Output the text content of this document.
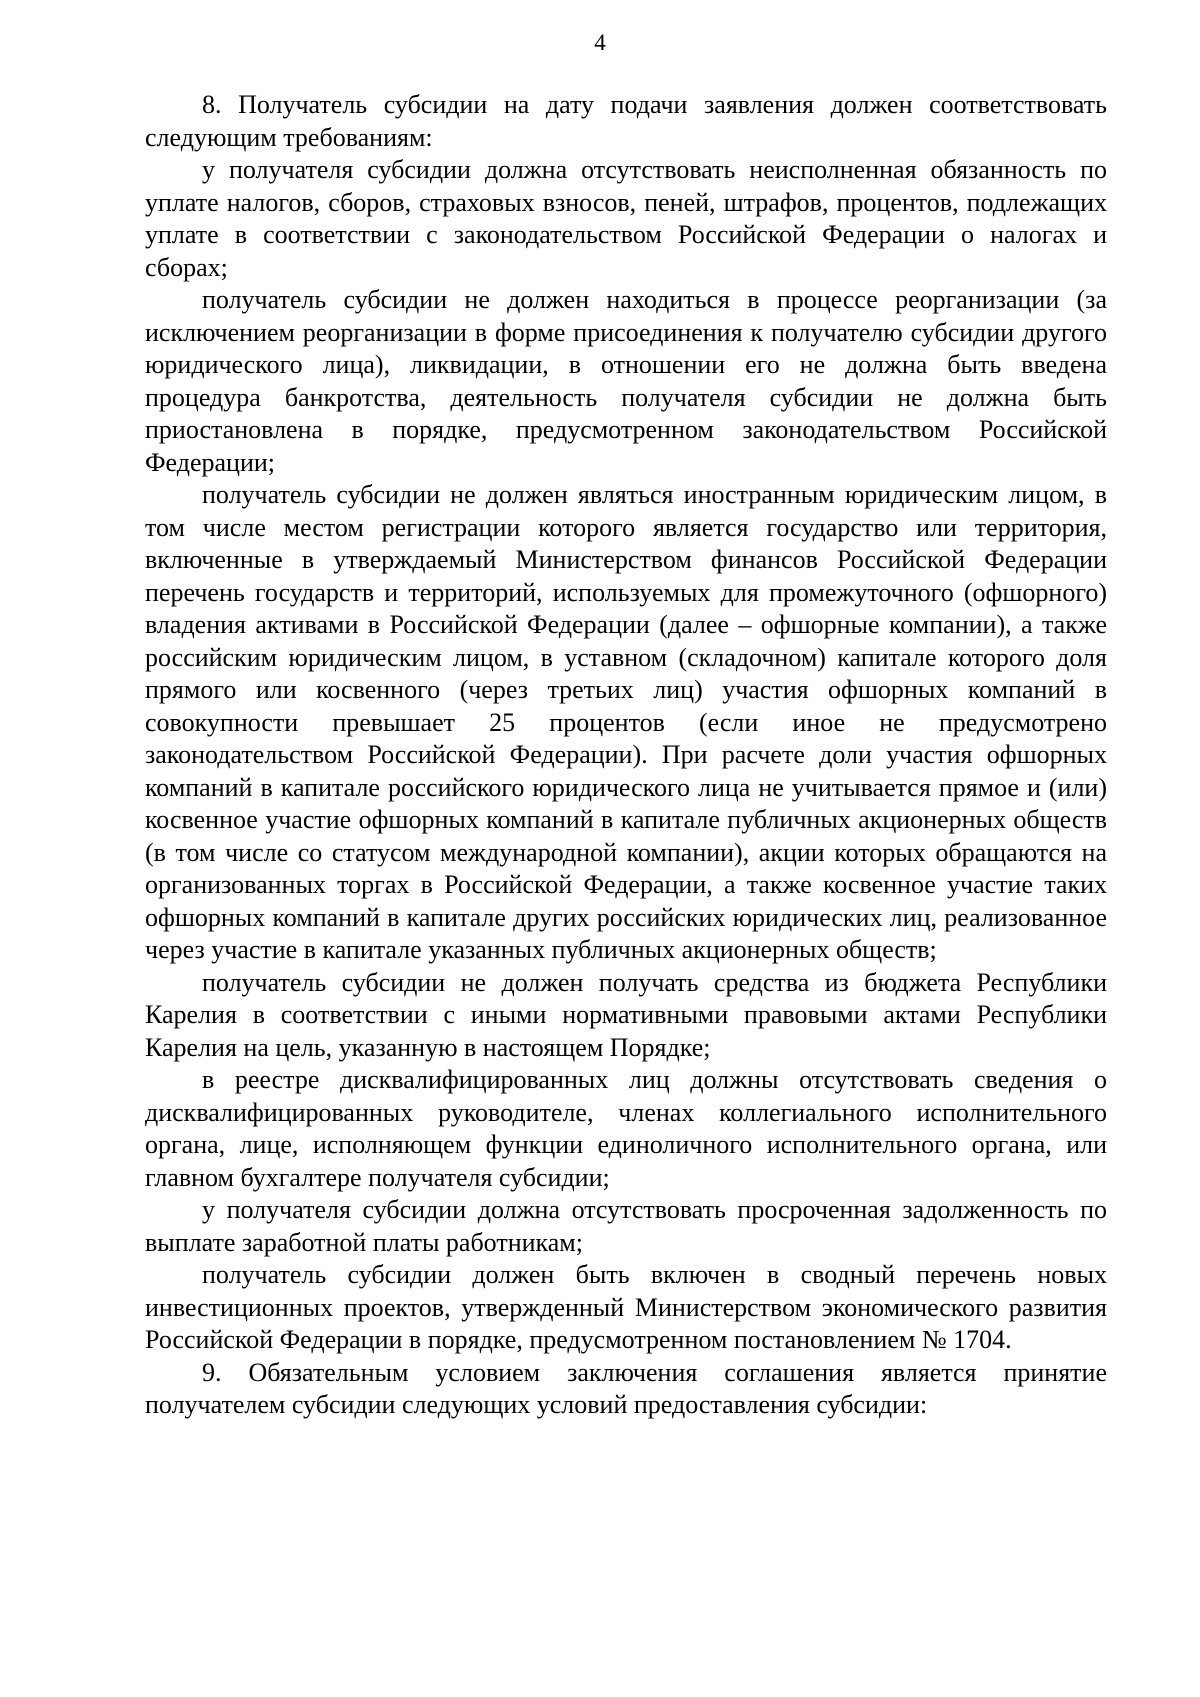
4

8. Получатель субсидии на дату подачи заявления должен соответствовать следующим требованиям:

у получателя субсидии должна отсутствовать неисполненная обязанность по уплате налогов, сборов, страховых взносов, пеней, штрафов, процентов, подлежащих уплате в соответствии с законодательством Российской Федерации о налогах и сборах;

получатель субсидии не должен находиться в процессе реорганизации (за исключением реорганизации в форме присоединения к получателю субсидии другого юридического лица), ликвидации, в отношении его не должна быть введена процедура банкротства, деятельность получателя субсидии не должна быть приостановлена в порядке, предусмотренном законодательством Российской Федерации;

получатель субсидии не должен являться иностранным юридическим лицом, в том числе местом регистрации которого является государство или территория, включенные в утверждаемый Министерством финансов Российской Федерации перечень государств и территорий, используемых для промежуточного (офшорного) владения активами в Российской Федерации (далее – офшорные компании), а также российским юридическим лицом, в уставном (складочном) капитале которого доля прямого или косвенного (через третьих лиц) участия офшорных компаний в совокупности превышает 25 процентов (если иное не предусмотрено законодательством Российской Федерации). При расчете доли участия офшорных компаний в капитале российского юридического лица не учитывается прямое и (или) косвенное участие офшорных компаний в капитале публичных акционерных обществ (в том числе со статусом международной компании), акции которых обращаются на организованных торгах в Российской Федерации, а также косвенное участие таких офшорных компаний в капитале других российских юридических лиц, реализованное через участие в капитале указанных публичных акционерных обществ;

получатель субсидии не должен получать средства из бюджета Республики Карелия в соответствии с иными нормативными правовыми актами Республики Карелия на цель, указанную в настоящем Порядке;

в реестре дисквалифицированных лиц должны отсутствовать сведения о дисквалифицированных руководителе, членах коллегиального исполнительного органа, лице, исполняющем функции единоличного исполнительного органа, или главном бухгалтере получателя субсидии;

у получателя субсидии должна отсутствовать просроченная задолженность по выплате заработной платы работникам;

получатель субсидии должен быть включен в сводный перечень новых инвестиционных проектов, утвержденный Министерством экономического развития Российской Федерации в порядке, предусмотренном постановлением № 1704.

9. Обязательным условием заключения соглашения является принятие получателем субсидии следующих условий предоставления субсидии:
